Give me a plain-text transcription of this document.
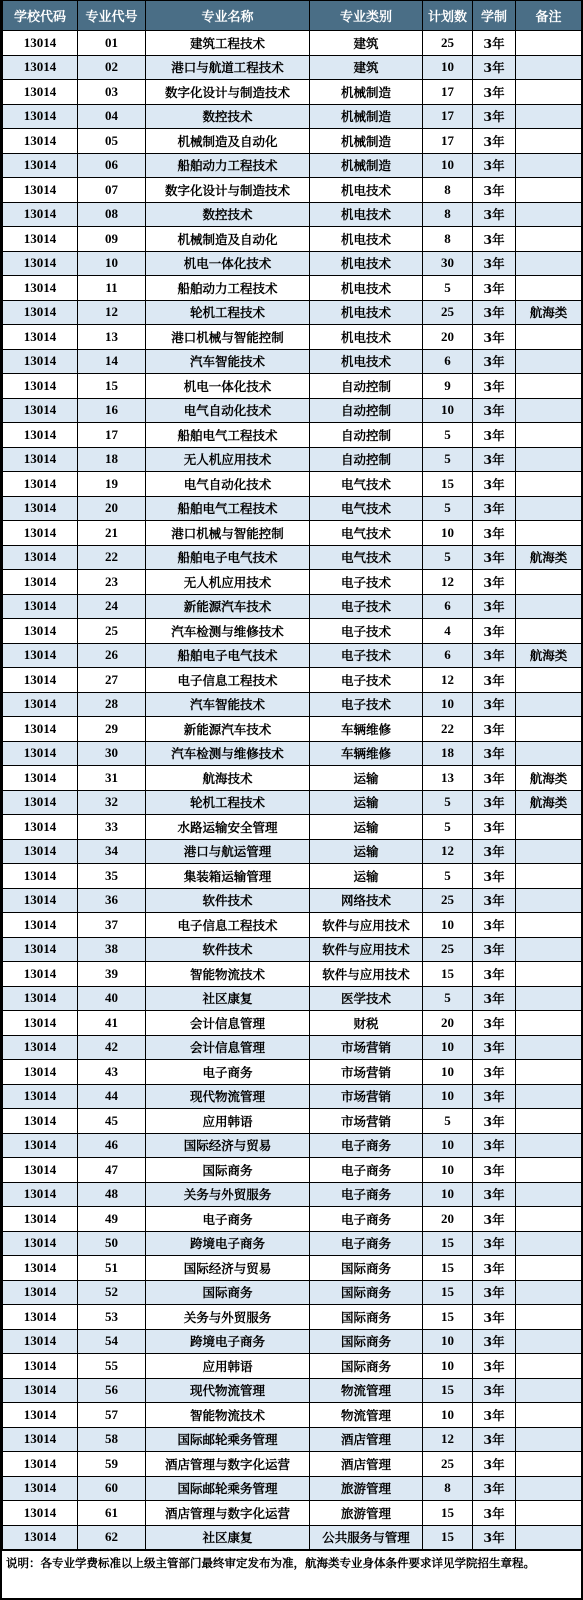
学校代码	专业代号	专业名称	专业类别	计划数	学制	备注
13014	01	建筑工程技术	建筑	25	3年	
13014	02	港口与航道工程技术	建筑	10	3年	
13014	03	数字化设计与制造技术	机械制造	17	3年	
13014	04	数控技术	机械制造	17	3年	
13014	05	机械制造及自动化	机械制造	17	3年	
13014	06	船舶动力工程技术	机械制造	10	3年	
13014	07	数字化设计与制造技术	机电技术	8	3年	
13014	08	数控技术	机电技术	8	3年	
13014	09	机械制造及自动化	机电技术	8	3年	
13014	10	机电一体化技术	机电技术	30	3年	
13014	11	船舶动力工程技术	机电技术	5	3年	
13014	12	轮机工程技术	机电技术	25	3年	航海类
13014	13	港口机械与智能控制	机电技术	20	3年	
13014	14	汽车智能技术	机电技术	6	3年	
13014	15	机电一体化技术	自动控制	9	3年	
13014	16	电气自动化技术	自动控制	10	3年	
13014	17	船舶电气工程技术	自动控制	5	3年	
13014	18	无人机应用技术	自动控制	5	3年	
13014	19	电气自动化技术	电气技术	15	3年	
13014	20	船舶电气工程技术	电气技术	5	3年	
13014	21	港口机械与智能控制	电气技术	10	3年	
13014	22	船舶电子电气技术	电气技术	5	3年	航海类
13014	23	无人机应用技术	电子技术	12	3年	
13014	24	新能源汽车技术	电子技术	6	3年	
13014	25	汽车检测与维修技术	电子技术	4	3年	
13014	26	船舶电子电气技术	电子技术	6	3年	航海类
13014	27	电子信息工程技术	电子技术	12	3年	
13014	28	汽车智能技术	电子技术	10	3年	
13014	29	新能源汽车技术	车辆维修	22	3年	
13014	30	汽车检测与维修技术	车辆维修	18	3年	
13014	31	航海技术	运输	13	3年	航海类
13014	32	轮机工程技术	运输	5	3年	航海类
13014	33	水路运输安全管理	运输	5	3年	
13014	34	港口与航运管理	运输	12	3年	
13014	35	集装箱运输管理	运输	5	3年	
13014	36	软件技术	网络技术	25	3年	
13014	37	电子信息工程技术	软件与应用技术	10	3年	
13014	38	软件技术	软件与应用技术	25	3年	
13014	39	智能物流技术	软件与应用技术	15	3年	
13014	40	社区康复	医学技术	5	3年	
13014	41	会计信息管理	财税	20	3年	
13014	42	会计信息管理	市场营销	10	3年	
13014	43	电子商务	市场营销	10	3年	
13014	44	现代物流管理	市场营销	10	3年	
13014	45	应用韩语	市场营销	5	3年	
13014	46	国际经济与贸易	电子商务	10	3年	
13014	47	国际商务	电子商务	10	3年	
13014	48	关务与外贸服务	电子商务	10	3年	
13014	49	电子商务	电子商务	20	3年	
13014	50	跨境电子商务	电子商务	15	3年	
13014	51	国际经济与贸易	国际商务	15	3年	
13014	52	国际商务	国际商务	15	3年	
13014	53	关务与外贸服务	国际商务	15	3年	
13014	54	跨境电子商务	国际商务	10	3年	
13014	55	应用韩语	国际商务	10	3年	
13014	56	现代物流管理	物流管理	15	3年	
13014	57	智能物流技术	物流管理	10	3年	
13014	58	国际邮轮乘务管理	酒店管理	12	3年	
13014	59	酒店管理与数字化运营	酒店管理	25	3年	
13014	60	国际邮轮乘务管理	旅游管理	8	3年	
13014	61	酒店管理与数字化运营	旅游管理	15	3年	
13014	62	社区康复	公共服务与管理	15	3年	
说明：各专业学费标准以上级主管部门最终审定发布为准，航海类专业身体条件要求详见学院招生章程。
